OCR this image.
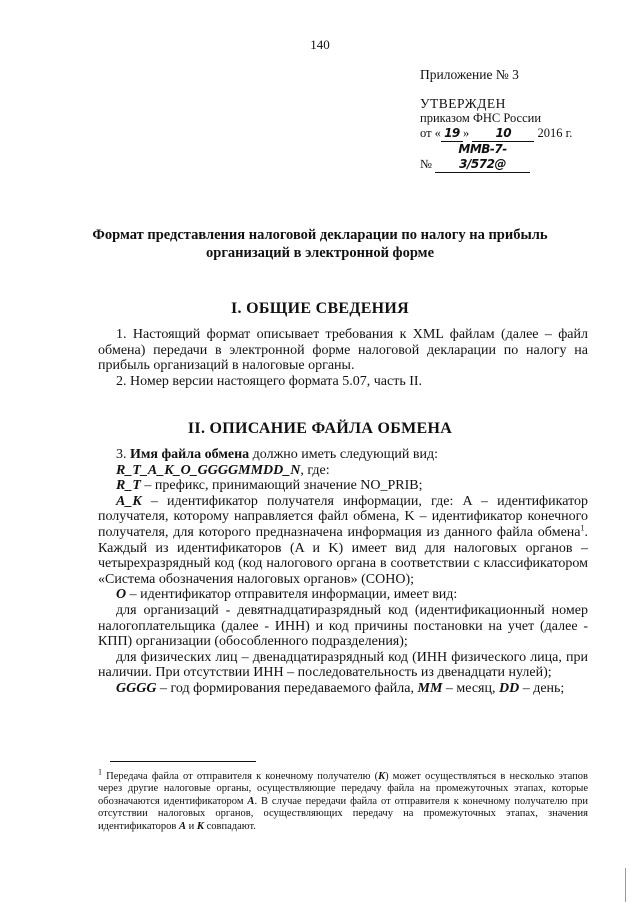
140
Приложение № 3
УТВЕРЖДЕН
приказом ФНС России
от « 19 » 10 2016 г.
№ ММВ-7-3/572@
Формат представления налоговой декларации по налогу на прибыль организаций в электронной форме
I. ОБЩИЕ СВЕДЕНИЯ

1. Настоящий формат описывает требования к XML файлам (далее – файл обмена) передачи в электронной форме налоговой декларации по налогу на прибыль организаций в налоговые органы.

2. Номер версии настоящего формата 5.07, часть II.

II. ОПИСАНИЕ ФАЙЛА ОБМЕНА

3. Имя файла обмена должно иметь следующий вид:

R_T_A_K_O_GGGGMMDD_N, где:

R_T – префикс, принимающий значение NO_PRIB;

A_K – идентификатор получателя информации, где: A – идентификатор получателя, которому направляется файл обмена, K – идентификатор конечного получателя, для которого предназначена информация из данного файла обмена$^1$. Каждый из идентификаторов (A и K) имеет вид для налоговых органов – четырехразрядный код (код налогового органа в соответствии с классификатором «Система обозначения налоговых органов» (СОНО);

O – идентификатор отправителя информации, имеет вид:

для организаций - девятнадцатиразрядный код (идентификационный номер налогоплательщика (далее - ИНН) и код причины постановки на учет (далее - КПП) организации (обособленного подразделения);

для физических лиц – двенадцатиразрядный код (ИНН физического лица, при наличии. При отсутствии ИНН – последовательность из двенадцати нулей);

GGGG – год формирования передаваемого файла, MM – месяц, DD – день;

$^1$ Передача файла от отправителя к конечному получателю (K) может осуществляться в несколько этапов через другие налоговые органы, осуществляющие передачу файла на промежуточных этапах, которые обозначаются идентификатором А. В случае передачи файла от отправителя к конечному получателю при отсутствии налоговых органов, осуществляющих передачу на промежуточных этапах, значения идентификаторов А и К совпадают.
